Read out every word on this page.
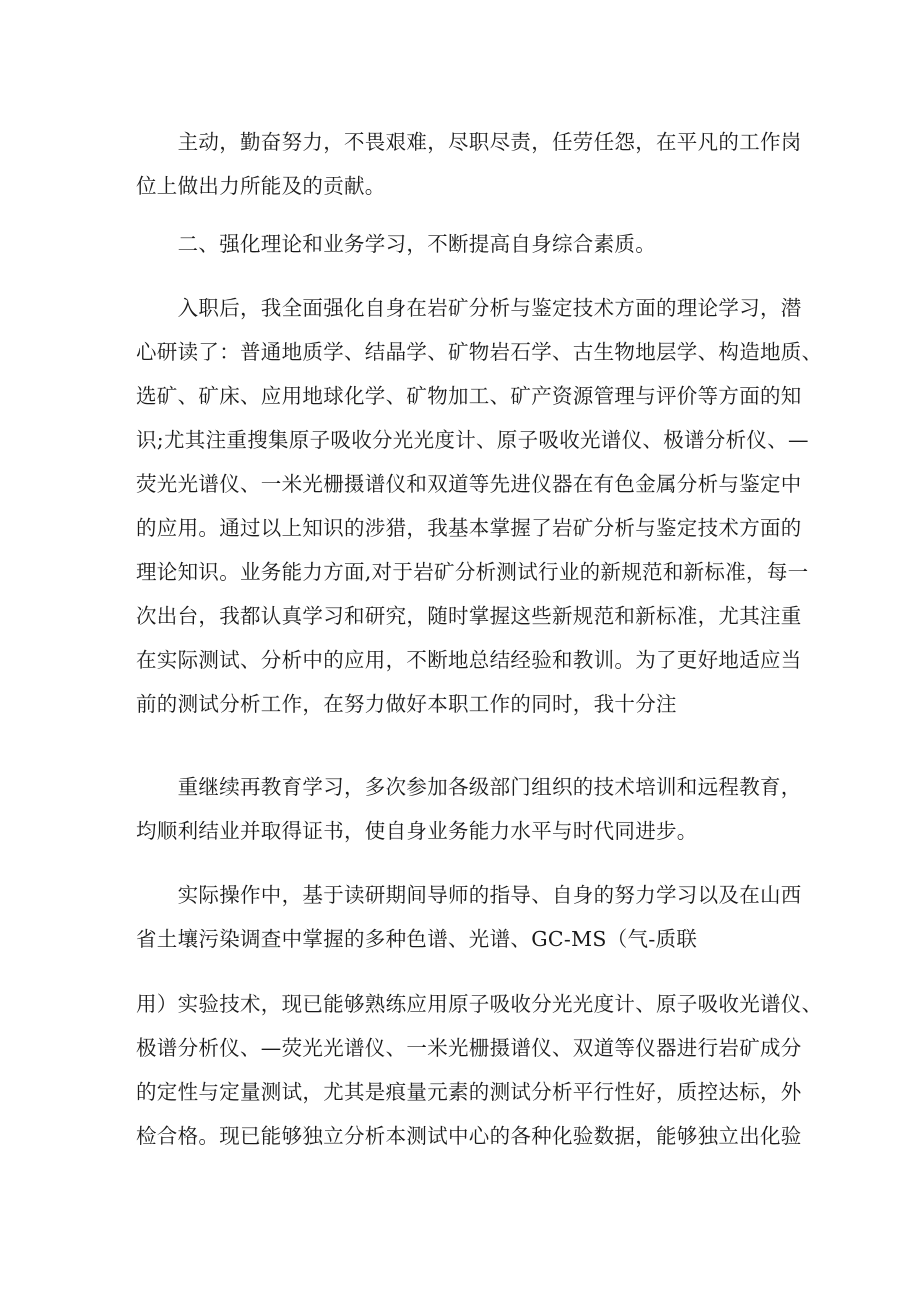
　　主动，勤奋努力，不畏艰难，尽职尽责，任劳任怨，在平凡的工作岗
位上做出力所能及的贡献。

　　二、强化理论和业务学习，不断提高自身综合素质。

　　入职后，我全面强化自身在岩矿分析与鉴定技术方面的理论学习，潜
心研读了：普通地质学、结晶学、矿物岩石学、古生物地层学、构造地质、
选矿、矿床、应用地球化学、矿物加工、矿产资源管理与评价等方面的知
识;尤其注重搜集原子吸收分光光度计、原子吸收光谱仪、极谱分析仪、—
荧光光谱仪、一米光栅摄谱仪和双道等先进仪器在有色金属分析与鉴定中
的应用。通过以上知识的涉猎，我基本掌握了岩矿分析与鉴定技术方面的
理论知识。业务能力方面,对于岩矿分析测试行业的新规范和新标准，每一
次出台，我都认真学习和研究，随时掌握这些新规范和新标准，尤其注重
在实际测试、分析中的应用，不断地总结经验和教训。为了更好地适应当
前的测试分析工作，在努力做好本职工作的同时，我十分注

　　重继续再教育学习，多次参加各级部门组织的技术培训和远程教育，
均顺利结业并取得证书，使自身业务能力水平与时代同进步。

　　实际操作中，基于读研期间导师的指导、自身的努力学习以及在山西
省土壤污染调查中掌握的多种色谱、光谱、GC-MS（气-质联

用）实验技术，现已能够熟练应用原子吸收分光光度计、原子吸收光谱仪、
极谱分析仪、—荧光光谱仪、一米光栅摄谱仪、双道等仪器进行岩矿成分
的定性与定量测试，尤其是痕量元素的测试分析平行性好，质控达标，外
检合格。现已能够独立分析本测试中心的各种化验数据，能够独立出化验
